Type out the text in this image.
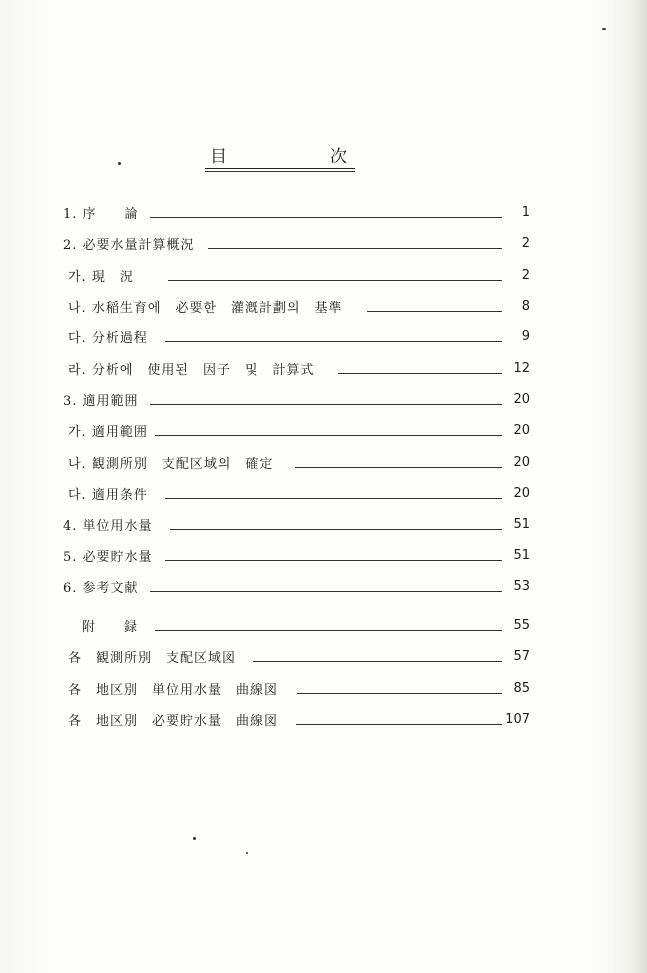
目	次
1. 序　　論	1
2. 必要水量計算概況	2
가. 現　況	2
나. 水稲生育에　必要한　灌漑計劃의　基準	8
다. 分析過程	9
라. 分析에　使用된　因子　및　計算式	12
3. 適用範囲	20
가. 適用範囲	20
나. 観測所別　支配区域의　確定	20
다. 適用条件	20
4. 単位用水量	51
5. 必要貯水量	51
6. 参考文献	53
附　　録	55
各　観測所別　支配区域図	57
各　地区別　単位用水量　曲線図	85
各　地区別　必要貯水量　曲線図	107
